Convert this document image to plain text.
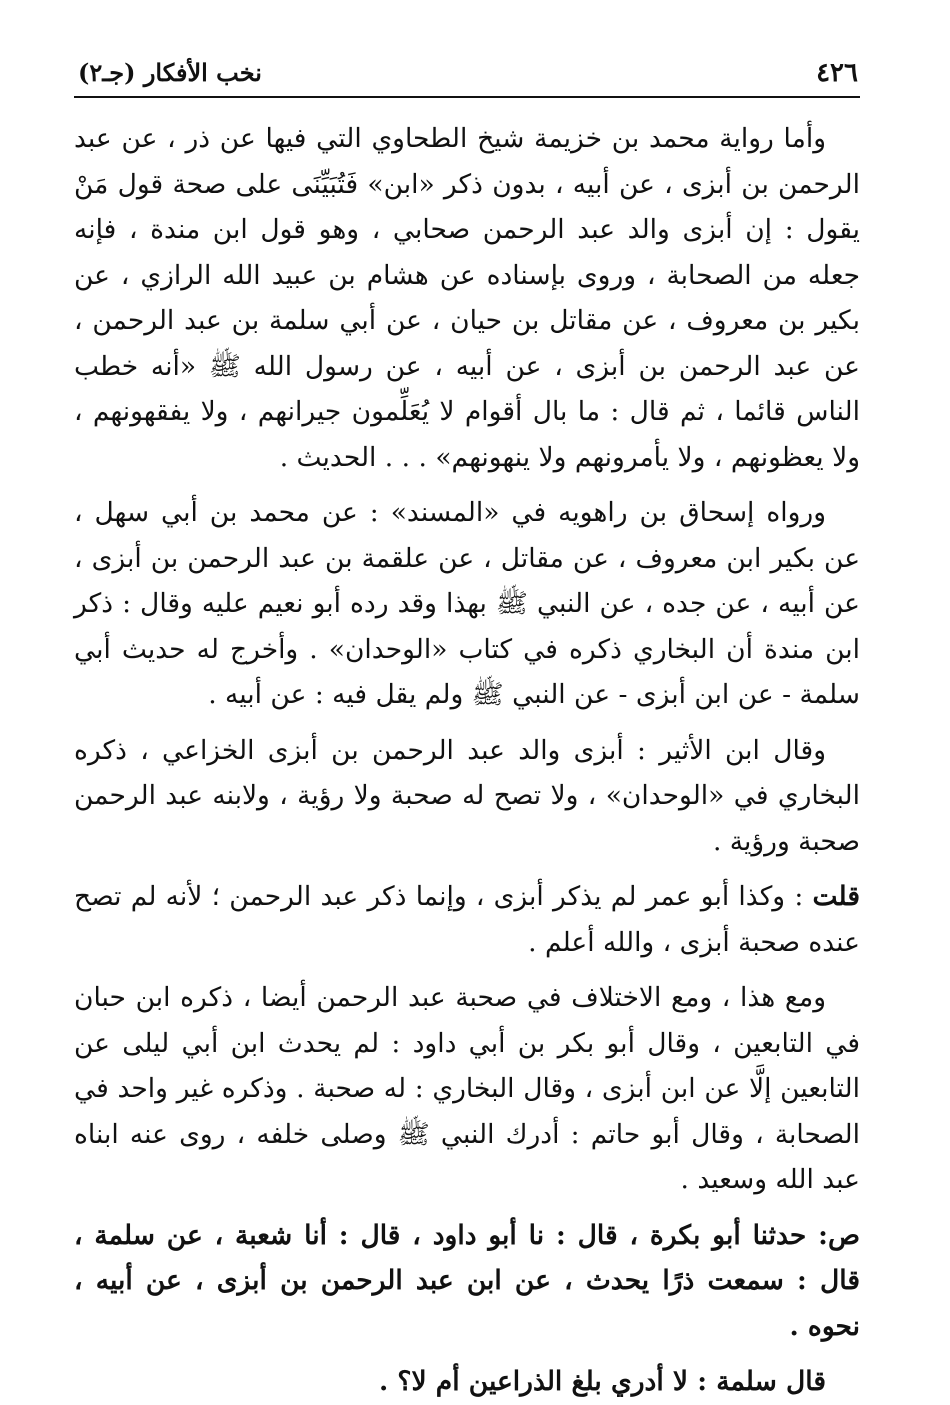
٤٢٦
نخب الأفكار (جـ٢)

وأما رواية محمد بن خزيمة شيخ الطحاوي التي فيها عن ذر ، عن عبد الرحمن بن أبزى ، عن أبيه ، بدون ذكر «ابن» فَتُبَيِّنَى على صحة قول مَنْ يقول : إن أبزى والد عبد الرحمن صحابي ، وهو قول ابن مندة ، فإنه جعله من الصحابة ، وروى بإسناده عن هشام بن عبيد الله الرازي ، عن بكير بن معروف ، عن مقاتل بن حيان ، عن أبي سلمة بن عبد الرحمن ، عن عبد الرحمن بن أبزى ، عن أبيه ، عن رسول الله ﷺ «أنه خطب الناس قائما ، ثم قال : ما بال أقوام لا يُعَلِّمون جيرانهم ، ولا يفقهونهم ، ولا يعظونهم ، ولا يأمرونهم ولا ينهونهم» . . . الحديث .

ورواه إسحاق بن راهويه في «المسند» : عن محمد بن أبي سهل ، عن بكير ابن معروف ، عن مقاتل ، عن علقمة بن عبد الرحمن بن أبزى ، عن أبيه ، عن جده ، عن النبي ﷺ بهذا وقد رده أبو نعيم عليه وقال : ذكر ابن مندة أن البخاري ذكره في كتاب «الوحدان» . وأخرج له حديث أبي سلمة - عن ابن أبزى - عن النبي ﷺ ولم يقل فيه : عن أبيه .

وقال ابن الأثير : أبزى والد عبد الرحمن بن أبزى الخزاعي ، ذكره البخاري في «الوحدان» ، ولا تصح له صحبة ولا رؤية ، ولابنه عبد الرحمن صحبة ورؤية .

قلت : وكذا أبو عمر لم يذكر أبزى ، وإنما ذكر عبد الرحمن ؛ لأنه لم تصح عنده صحبة أبزى ، والله أعلم .

ومع هذا ، ومع الاختلاف في صحبة عبد الرحمن أيضا ، ذكره ابن حبان في التابعين ، وقال أبو بكر بن أبي داود : لم يحدث ابن أبي ليلى عن التابعين إلَّا عن ابن أبزى ، وقال البخاري : له صحبة . وذكره غير واحد في الصحابة ، وقال أبو حاتم : أدرك النبي ﷺ وصلى خلفه ، روى عنه ابناه عبد الله وسعيد .

ص: حدثنا أبو بكرة ، قال : نا أبو داود ، قال : أنا شعبة ، عن سلمة ، قال : سمعت ذرًا يحدث ، عن ابن عبد الرحمن بن أبزى ، عن أبيه ، نحوه .

قال سلمة : لا أدري بلغ الذراعين أم لا؟ .
